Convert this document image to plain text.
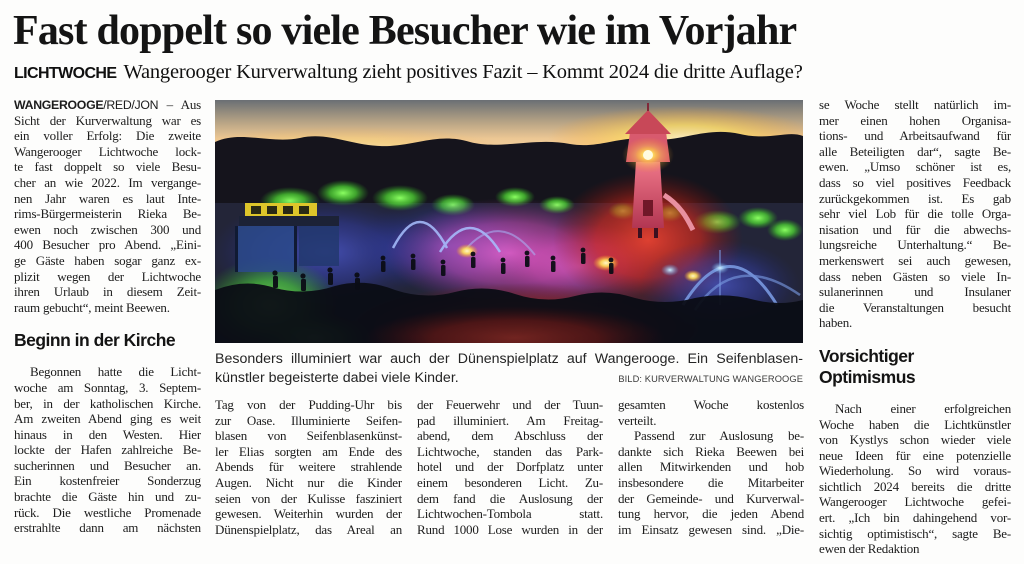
Fast doppelt so viele Besucher wie im Vorjahr
LICHTWOCHE Wangerooger Kurverwaltung zieht positives Fazit – Kommt 2024 die dritte Auflage?
WANGEROOGE/RED/JON – Aus
Sicht der Kurverwaltung war es
ein voller Erfolg: Die zweite
Wangerooger Lichtwoche lock-
te fast doppelt so viele Besu-
cher an wie 2022. Im vergange-
nen Jahr waren es laut Inte-
rims-Bürgermeisterin Rieka Be-
ewen noch zwischen 300 und
400 Besucher pro Abend. „Eini-
ge Gäste haben sogar ganz ex-
plizit wegen der Lichtwoche
ihren Urlaub in diesem Zeit-
raum gebucht“, meint Beewen.
Beginn in der Kirche
Begonnen hatte die Licht-
woche am Sonntag, 3. Septem-
ber, in der katholischen Kirche.
Am zweiten Abend ging es weit
hinaus in den Westen. Hier
lockte der Hafen zahlreiche Be-
sucherinnen und Besucher an.
Ein kostenfreier Sonderzug
brachte die Gäste hin und zu-
rück. Die westliche Promenade
erstrahlte dann am nächsten
Besonders illuminiert war auch der Dünenspielplatz auf Wangerooge. Ein Seifenblasen-
künstler begeisterte dabei viele Kinder.	BILD: KURVERWALTUNG WANGEROOGE
Tag von der Pudding-Uhr bis
zur Oase. Illuminierte Seifen-
blasen von Seifenblasenkünst-
ler Elias sorgten am Ende des
Abends für weitere strahlende
Augen. Nicht nur die Kinder
seien von der Kulisse fasziniert
gewesen. Weiterhin wurden der
Dünenspielplatz, das Areal an
der Feuerwehr und der Tuun-
pad illuminiert. Am Freitag-
abend, dem Abschluss der
Lichtwoche, standen das Park-
hotel und der Dorfplatz unter
einem besonderen Licht. Zu-
dem fand die Auslosung der
Lichtwochen-Tombola statt.
Rund 1000 Lose wurden in der
gesamten Woche kostenlos
verteilt.
Passend zur Auslosung be-
dankte sich Rieka Beewen bei
allen Mitwirkenden und hob
insbesondere die Mitarbeiter
der Gemeinde- und Kurverwal-
tung hervor, die jeden Abend
im Einsatz gewesen sind. „Die-
se Woche stellt natürlich im-
mer einen hohen Organisa-
tions- und Arbeitsaufwand für
alle Beteiligten dar“, sagte Be-
ewen. „Umso schöner ist es,
dass so viel positives Feedback
zurückgekommen ist. Es gab
sehr viel Lob für die tolle Orga-
nisation und für die abwechs-
lungsreiche Unterhaltung.“ Be-
merkenswert sei auch gewesen,
dass neben Gästen so viele In-
sulanerinnen und Insulaner
die Veranstaltungen besucht
haben.
Vorsichtiger Optimismus
Nach einer erfolgreichen
Woche haben die Lichtkünstler
von Kystlys schon wieder viele
neue Ideen für eine potenzielle
Wiederholung. So wird voraus-
sichtlich 2024 bereits die dritte
Wangerooger Lichtwoche gefei-
ert. „Ich bin dahingehend vor-
sichtig optimistisch“, sagte Be-
ewen der Redaktion
